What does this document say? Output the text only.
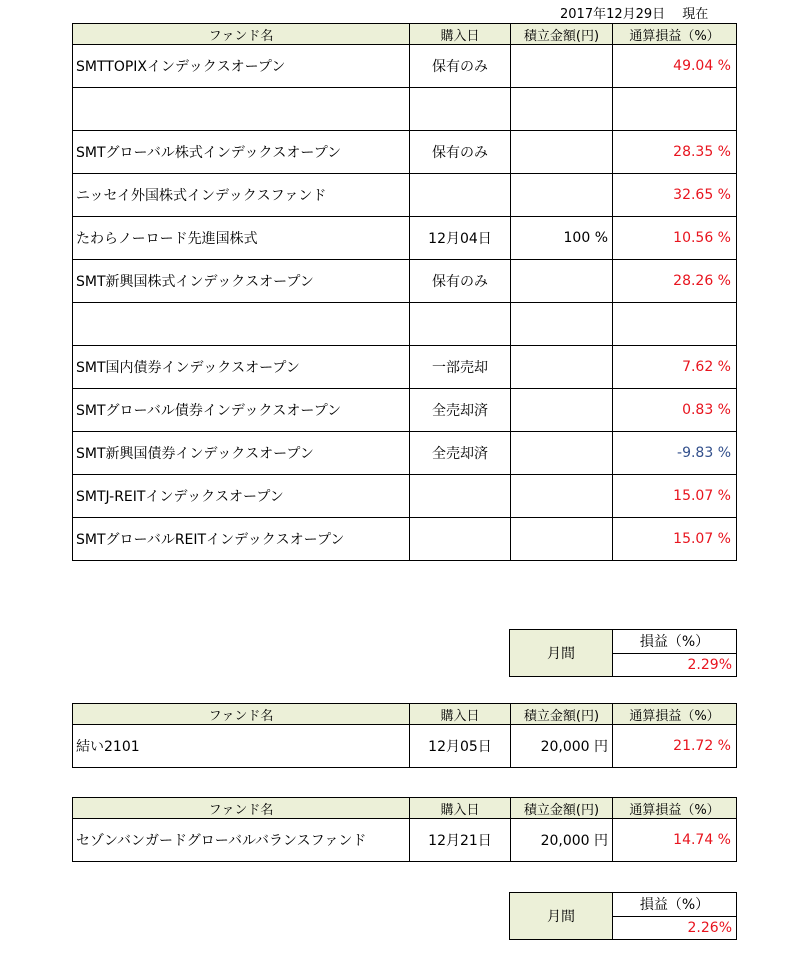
2017年12月29日　 現在
ファンド名	購入日	積立金額(円)	通算損益（%）
SMTTOPIXインデックスオープン	保有のみ		49.04 %

SMTグローバル株式インデックスオープン	保有のみ		28.35 %
ニッセイ外国株式インデックスファンド			32.65 %
たわらノーロード先進国株式	12月04日	100 %	10.56 %
SMT新興国株式インデックスオープン	保有のみ		28.26 %

SMT国内債券インデックスオープン	一部売却		7.62 %
SMTグローバル債券インデックスオープン	全売却済		0.83 %
SMT新興国債券インデックスオープン	全売却済		-9.83 %
SMTJ-REITインデックスオープン			15.07 %
SMTグローバルREITインデックスオープン			15.07 %
月間	損益（%）
2.29%
ファンド名	購入日	積立金額(円)	通算損益（%）
結い2101	12月05日	20,000 円	21.72 %
ファンド名	購入日	積立金額(円)	通算損益（%）
セゾンバンガードグローバルバランスファンド	12月21日	20,000 円	14.74 %
月間	損益（%）
2.26%
